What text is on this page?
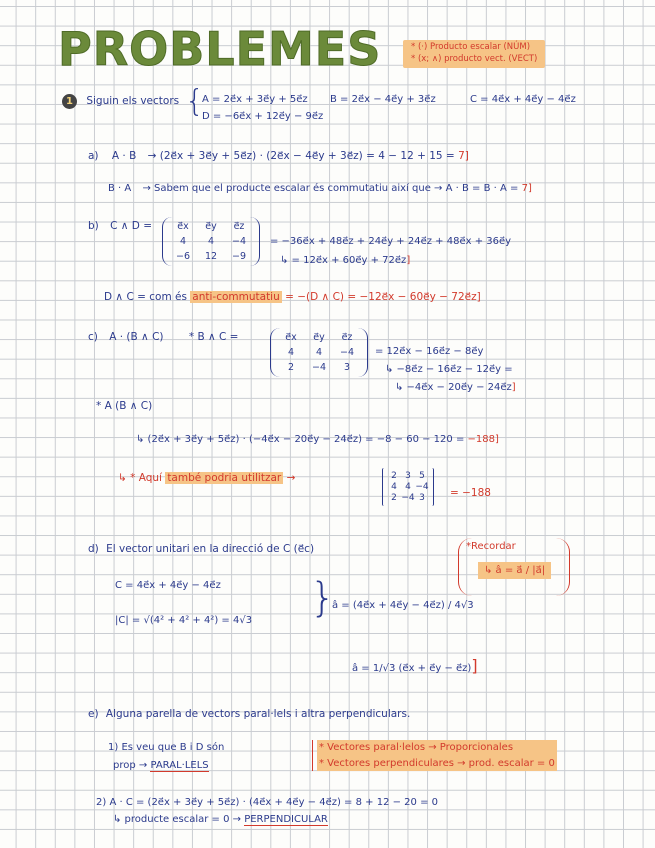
PROBLEMES	* (·) Producto escalar (NÚM)
* (x; ∧) producto vect. (VECT)
1 Siguin els vectors {
A = 2e⃗x + 3e⃗y + 5e⃗z B = 2e⃗x − 4e⃗y + 3e⃗z	C = 4e⃗x + 4e⃗y − 4e⃗z
D = −6e⃗x + 12e⃗y − 9e⃗z
a) A · B → (2e⃗x + 3e⃗y + 5e⃗z) · (2e⃗x − 4e⃗y + 3e⃗z) = 4 − 12 + 15 = 7]
B · A → Sabem que el producte escalar és commutatiu així que → A · B = B · A = 7]
b) C ∧ D =	e⃗x	e⃗y	e⃗z
4	4	−4
−6	12	−9
= −36e⃗x + 48e⃗z + 24e⃗y + 24e⃗z + 48e⃗x + 36e⃗y
↳ = 12e⃗x + 60e⃗y + 72e⃗z]
D ∧ C = com és anti-commutatiu = −(D ∧ C) = −12e⃗x − 60e⃗y − 72e⃗z]
c) A · (B ∧ C) * B ∧ C =	e⃗x	e⃗y	e⃗z
4	4	−4
2	−4	3
= 12e⃗x − 16e⃗z − 8e⃗y
↳ −8e⃗z − 16e⃗z − 12e⃗y =
↳ −4e⃗x − 20e⃗y − 24e⃗z]
* A (B ∧ C)
↳ (2e⃗x + 3e⃗y + 5e⃗z) · (−4e⃗x − 20e⃗y − 24e⃗z) = −8 − 60 − 120 = −188]
↳ * Aquí també podria utilitzar →	2 3 5
4 4 −4
2 −4 3	= −188
d) El vector unitari en la direcció de C (e⃗c)	*Recordar
↳ â = a⃗ / |a⃗|
C = 4e⃗x + 4e⃗y − 4e⃗z
|C| = √(4² + 4² + 4²) = 4√3 }
â = (4e⃗x + 4e⃗y − 4e⃗z) / 4√3
â = 1/√3 (e⃗x + e⃗y − e⃗z)]
e) Alguna parella de vectors paral·lels i altra perpendiculars.
1) Es veu que B i D són
prop → PARAL·LELS
* Vectores paral·lelos → Proporcionales
* Vectores perpendiculares → prod. escalar = 0
2) A · C = (2e⃗x + 3e⃗y + 5e⃗z) · (4e⃗x + 4e⃗y − 4e⃗z) = 8 + 12 − 20 = 0
↳ producte escalar = 0 → PERPENDICULAR
